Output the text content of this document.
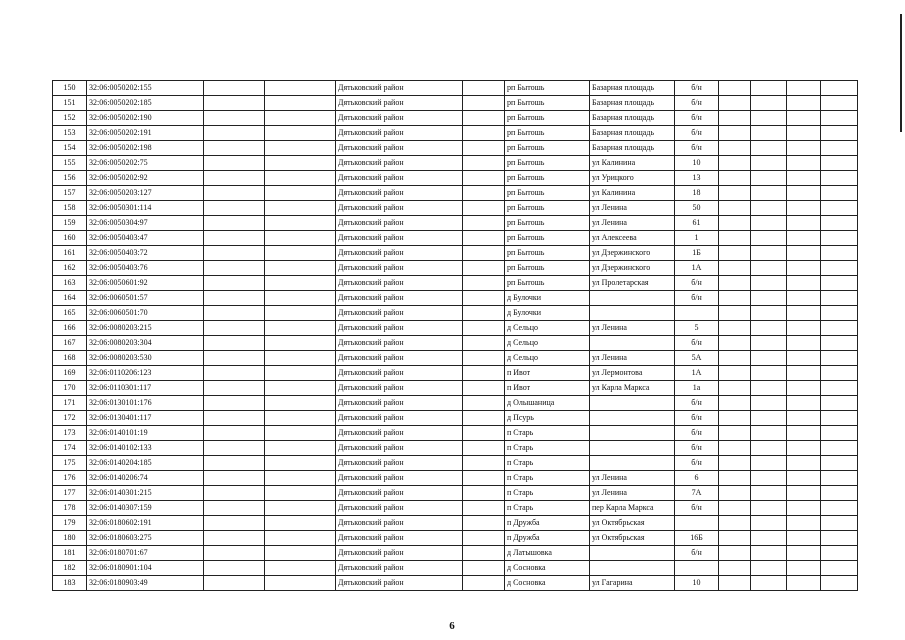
150	32:06:0050202:155			Дятьковский район		рп Бытошь	Базарная площадь	б/н				
151	32:06:0050202:185			Дятьковский район		рп Бытошь	Базарная площадь	б/н				
152	32:06:0050202:190			Дятьковский район		рп Бытошь	Базарная площадь	б/н				
153	32:06:0050202:191			Дятьковский район		рп Бытошь	Базарная площадь	б/н				
154	32:06:0050202:198			Дятьковский район		рп Бытошь	Базарная площадь	б/н				
155	32:06:0050202:75			Дятьковский район		рп Бытошь	ул Калинина	10				
156	32:06:0050202:92			Дятьковский район		рп Бытошь	ул Урицкого	13				
157	32:06:0050203:127			Дятьковский район		рп Бытошь	ул Калинина	18				
158	32:06:0050301:114			Дятьковский район		рп Бытошь	ул Ленина	50				
159	32:06:0050304:97			Дятьковский район		рп Бытошь	ул Ленина	61				
160	32:06:0050403:47			Дятьковский район		рп Бытошь	ул Алексеева	1				
161	32:06:0050403:72			Дятьковский район		рп Бытошь	ул Дзержинского	1Б				
162	32:06:0050403:76			Дятьковский район		рп Бытошь	ул Дзержинского	1А				
163	32:06:0050601:92			Дятьковский район		рп Бытошь	ул Пролетарская	б/н				
164	32:06:0060501:57			Дятьковский район		д Булочки		б/н				
165	32:06:0060501:70			Дятьковский район		д Булочки						
166	32:06:0080203:215			Дятьковский район		д Сельцо	ул Ленина	5				
167	32:06:0080203:304			Дятьковский район		д Сельцо		б/н				
168	32:06:0080203:530			Дятьковский район		д Сельцо	ул Ленина	5А				
169	32:06:0110206:123			Дятьковский район		п Ивот	ул Лермонтова	1А				
170	32:06:0110301:117			Дятьковский район		п Ивот	ул Карла Маркса	1а				
171	32:06:0130101:176			Дятьковский район		д Олышаница		б/н				
172	32:06:0130401:117			Дятьковский район		д Псурь		б/н				
173	32:06:0140101:19			Дятьковский район		п Старь		б/н				
174	32:06:0140102:133			Дятьковский район		п Старь		б/н				
175	32:06:0140204:185			Дятьковский район		п Старь		б/н				
176	32:06:0140206:74			Дятьковский район		п Старь	ул Ленина	6				
177	32:06:0140301:215			Дятьковский район		п Старь	ул Ленина	7А				
178	32:06:0140307:159			Дятьковский район		п Старь	пер Карла Маркса	б/н				
179	32:06:0180602:191			Дятьковский район		п Дружба	ул Октябрьская					
180	32:06:0180603:275			Дятьковский район		п Дружба	ул Октябрьская	16Б				
181	32:06:0180701:67			Дятьковский район		д Латышовка		б/н				
182	32:06:0180901:104			Дятьковский район		д Сосновка						
183	32:06:0180903:49			Дятьковский район		д Сосновка	ул Гагарина	10				
6
